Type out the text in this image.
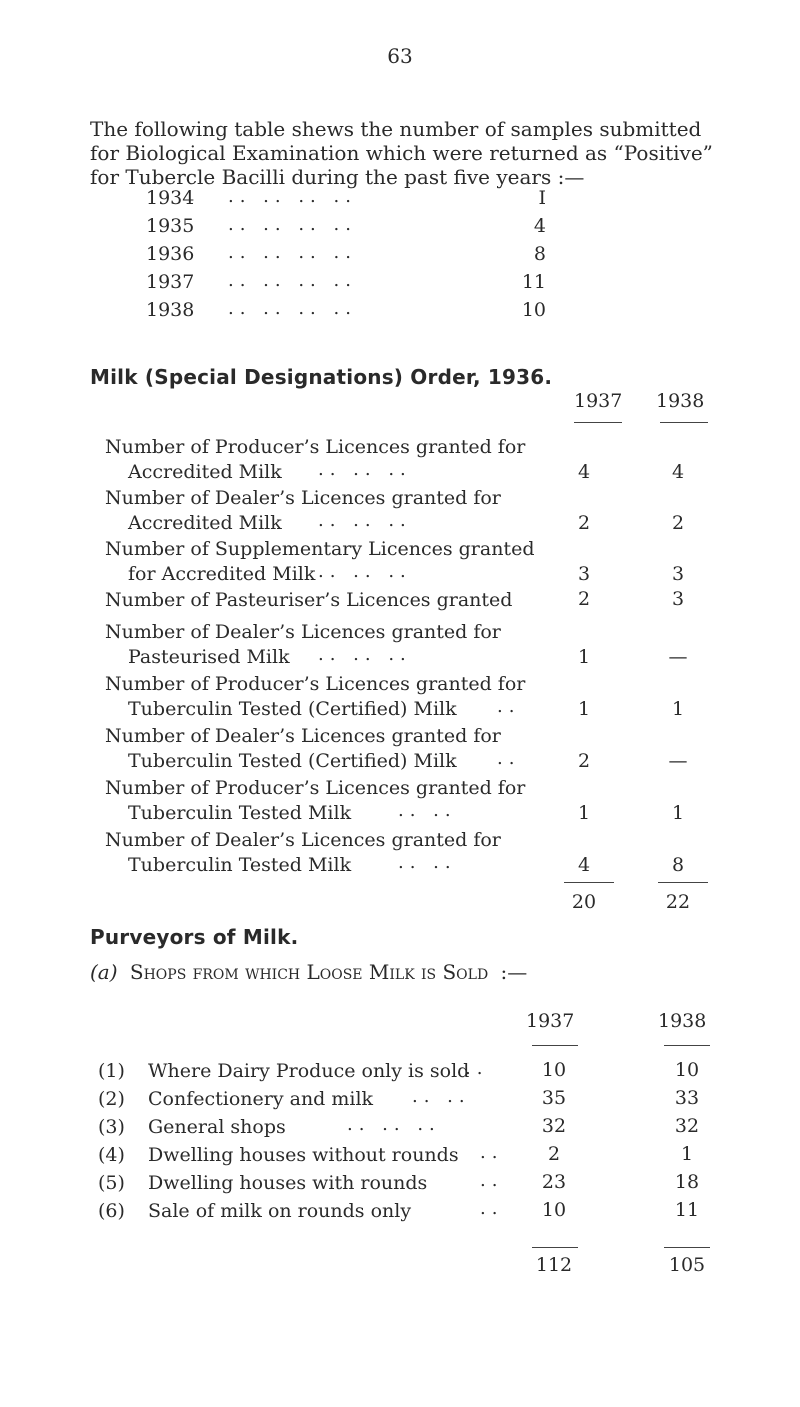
63
The following table shews the number of samples submitted
for Biological Examination which were returned as “Positive”
for Tubercle Bacilli during the past five years :—
1934 .. .. .. ..	I
1935 .. .. .. ..	4
1936 .. .. .. ..	8
1937 .. .. .. ..	11
1938 .. .. .. ..	10
Milk (Special Designations) Order, 1936.
1937 1938
Number of Producer’s Licences granted for
Accredited Milk .. .. ..	4	4
Number of Dealer’s Licences granted for
Accredited Milk .. .. ..	2	2
Number of Supplementary Licences granted
for Accredited Milk .. .. ..	3	3
Number of Pasteuriser’s Licences granted	2	3
Number of Dealer’s Licences granted for
Pasteurised Milk .. .. ..	1	—
Number of Producer’s Licences granted for
Tuberculin Tested (Certified) Milk ..	1	1
Number of Dealer’s Licences granted for
Tuberculin Tested (Certified) Milk ..	2	—
Number of Producer’s Licences granted for
Tuberculin Tested Milk	.. ..	1	1
Number of Dealer’s Licences granted for
Tuberculin Tested Milk	.. ..	4	8
20	22
Purveyors of Milk.
(a) Shops from which Loose Milk is Sold :—
1937	1938
(1) Where Dairy Produce only is sold
..	10	10
(2) Confectionery and milk .. ..	35	33
(3) General shops	.. .. ..	32	32
(4) Dwelling houses without rounds ..	2	1
(5) Dwelling houses with rounds	..	23	18
(6) Sale of milk on rounds only	..	10	11
112	105
